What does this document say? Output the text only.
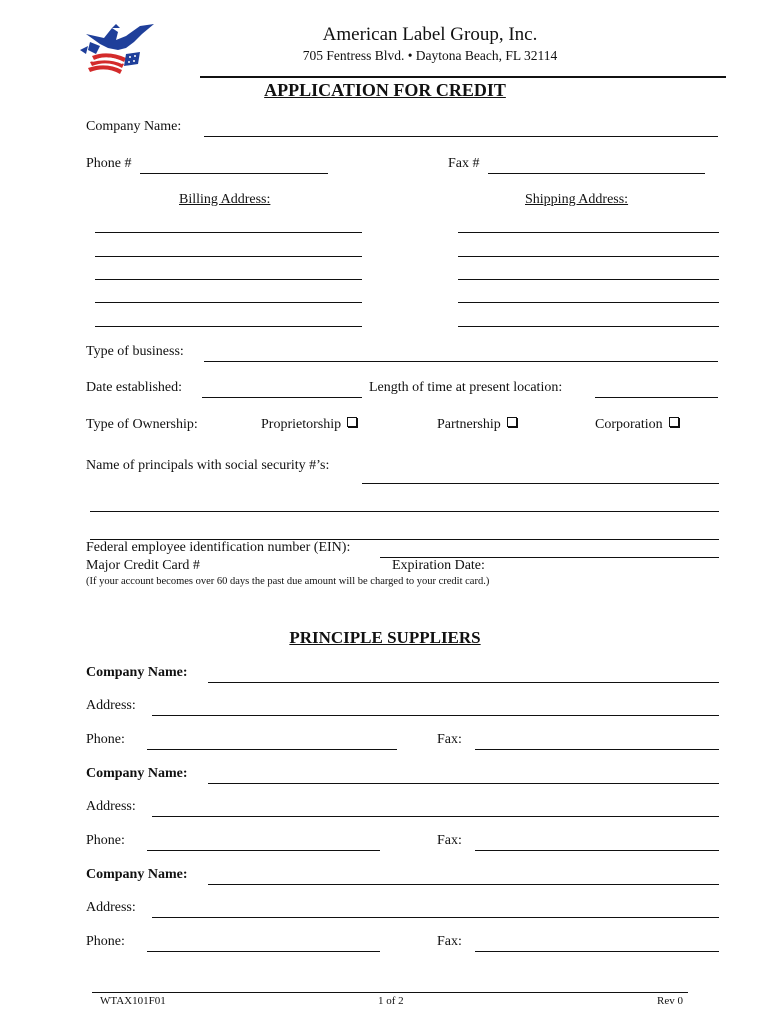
American Label Group, Inc.
705 Fentress Blvd. • Daytona Beach, FL 32114
APPLICATION FOR CREDIT
Company Name:
Phone #	Fax #
Billing Address:	Shipping Address:
Type of business:
Date established:	Length of time at present location:
Type of Ownership:	Proprietorship	Partnership	Corporation
Name of principals with social security #’s:
Federal employee identification number (EIN):
Major Credit Card #	Expiration Date:
(If your account becomes over 60 days the past due amount will be charged to your credit card.)
PRINCIPLE SUPPLIERS
Company Name:
Address:
Phone:	Fax:
Company Name:
Address:
Phone:	Fax:
Company Name:
Address:
Phone:	Fax:
WTAX101F01	1 of 2	Rev 0
